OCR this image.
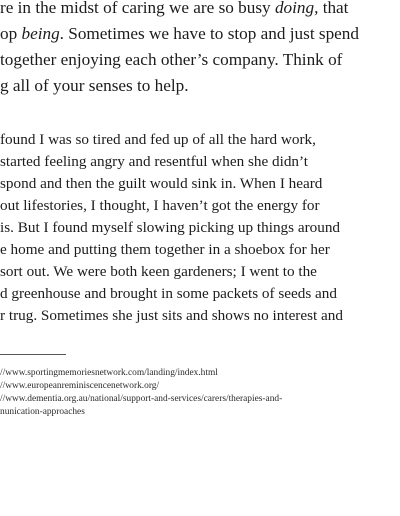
re in the midst of caring we are so busy doing, that
op being. Sometimes we have to stop and just spend
together enjoying each other’s company. Think of
g all of your senses to help.
found I was so tired and fed up of all the hard work,
started feeling angry and resentful when she didn’t
spond and then the guilt would sink in. When I heard
out lifestories, I thought, I haven’t got the energy for
is. But I found myself slowing picking up things around
e home and putting them together in a shoebox for her
sort out. We were both keen gardeners; I went to the
d greenhouse and brought in some packets of seeds and
r trug. Sometimes she just sits and shows no interest and
//www.sportingmemoriesnetwork.com/landing/index.html
//www.europeanreminiscencenetwork.org/
//www.dementia.org.au/national/support-and-services/carers/therapies-and-
nunication-approaches
